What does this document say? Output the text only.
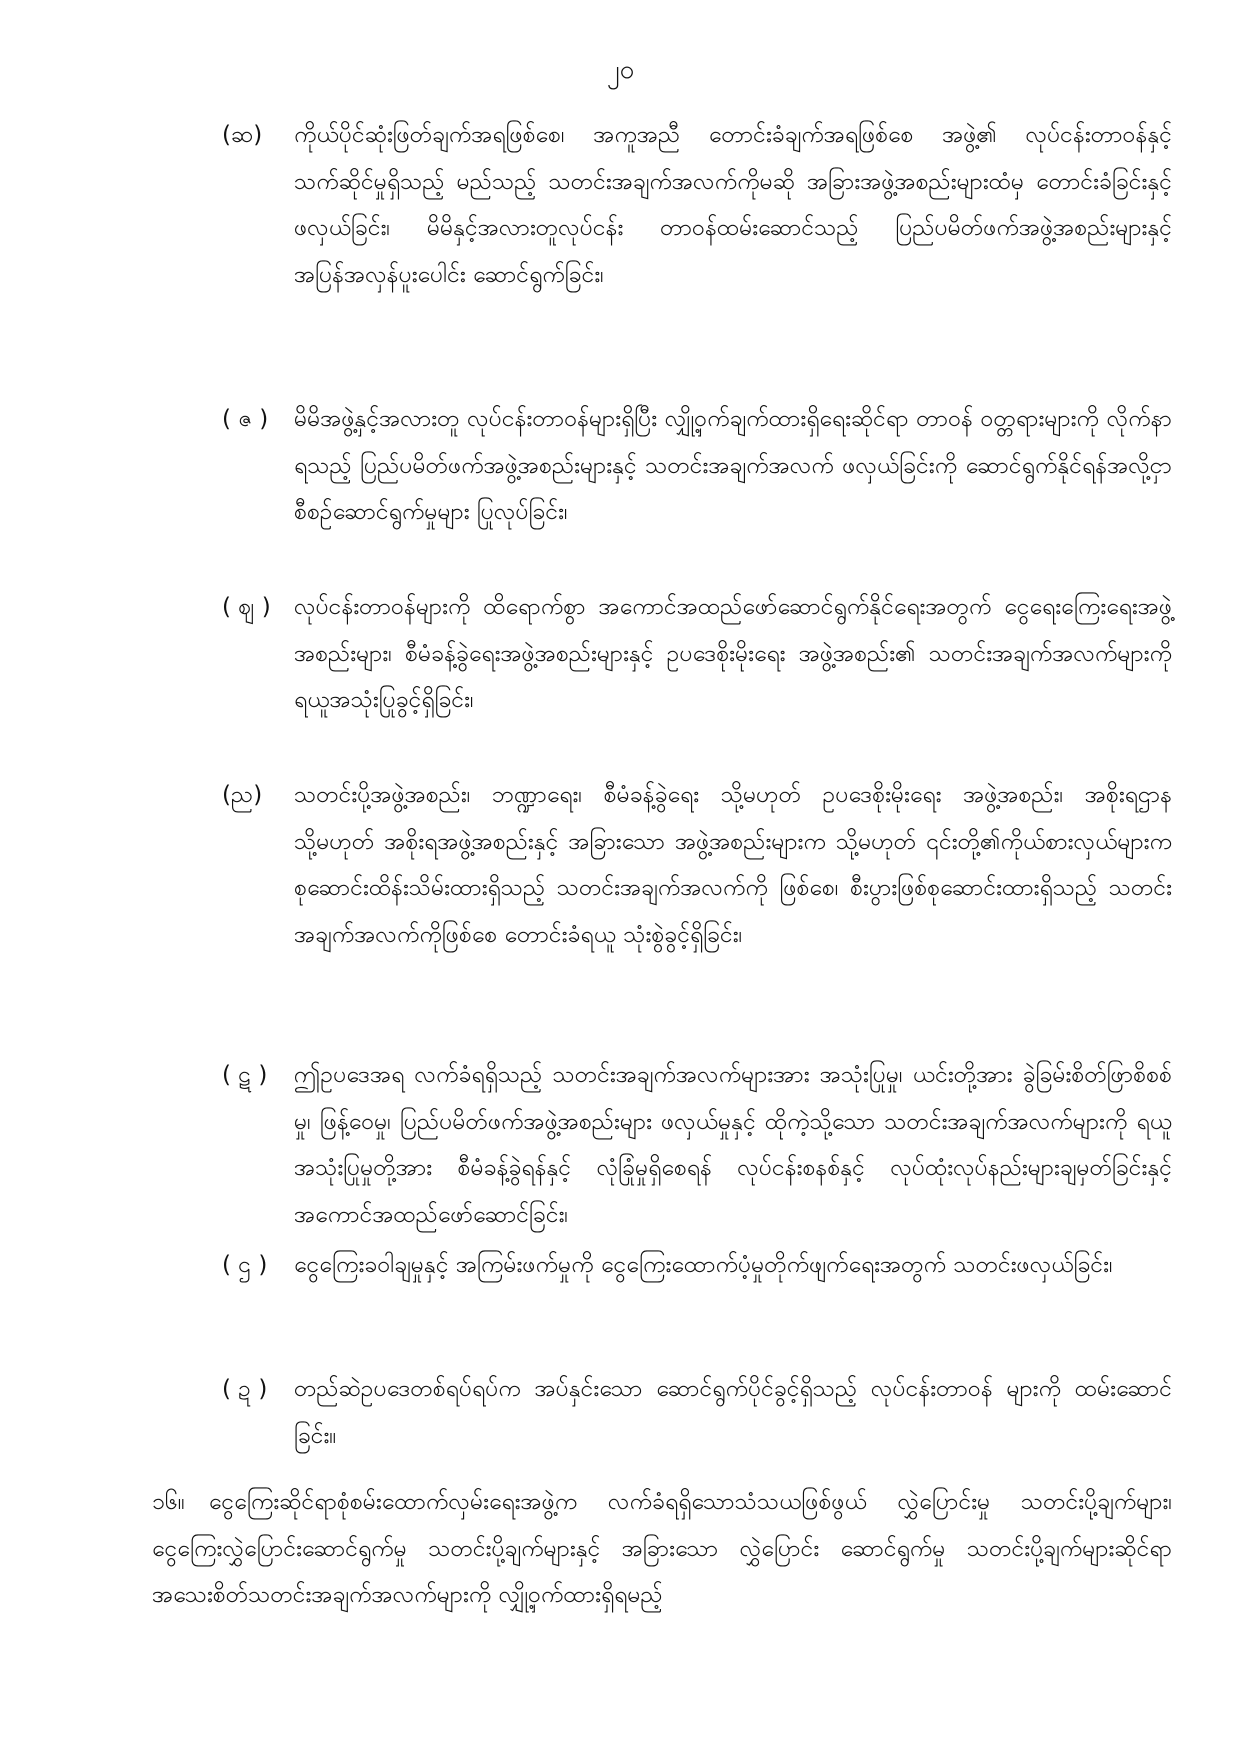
၂၀
(ဆ)	ကိုယ်ပိုင်ဆုံးဖြတ်ချက်အရဖြစ်စေ၊ အကူအညီ တောင်းခံချက်အရဖြစ်စေ အဖွဲ့၏ လုပ်ငန်းတာဝန်နှင့် သက်ဆိုင်မှုရှိသည့် မည်သည့် သတင်းအချက်အလက်ကိုမဆို အခြားအဖွဲ့အစည်းများထံမှ တောင်းခံခြင်းနှင့်ဖလှယ်ခြင်း၊ မိမိနှင့်အလားတူလုပ်ငန်း တာဝန်ထမ်းဆောင်သည့် ပြည်ပမိတ်ဖက်အဖွဲ့အစည်းများနှင့် အပြန်အလှန်ပူးပေါင်း ဆောင်ရွက်ခြင်း၊
( ဇ )	မိမိအဖွဲ့နှင့်အလားတူ လုပ်ငန်းတာဝန်များရှိပြီး လျှို့ဝှက်ချက်ထားရှိရေးဆိုင်ရာ တာဝန် ဝတ္တရားများကို လိုက်နာရသည့် ပြည်ပမိတ်ဖက်အဖွဲ့အစည်းများနှင့် သတင်းအချက်အလက် ဖလှယ်ခြင်းကို ဆောင်ရွက်နိုင်ရန်အလို့ငှာ စီစဉ်ဆောင်ရွက်မှုများ ပြုလုပ်ခြင်း၊
( ဈ )	လုပ်ငန်းတာဝန်များကို ထိရောက်စွာ အကောင်အထည်ဖော်ဆောင်ရွက်နိုင်ရေးအတွက် ငွေရေးကြေးရေးအဖွဲ့အစည်းများ၊ စီမံခန့်ခွဲရေးအဖွဲ့အစည်းများနှင့် ဥပဒေစိုးမိုးရေး အဖွဲ့အစည်း၏ သတင်းအချက်အလက်များကို ရယူအသုံးပြုခွင့်ရှိခြင်း၊
(ည)	သတင်းပို့အဖွဲ့အစည်း၊ ဘဏ္ဍာရေး၊ စီမံခန့်ခွဲရေး သို့မဟုတ် ဥပဒေစိုးမိုးရေး အဖွဲ့အစည်း၊ အစိုးရဌာန သို့မဟုတ် အစိုးရအဖွဲ့အစည်းနှင့် အခြားသော အဖွဲ့အစည်းများက သို့မဟုတ် ၎င်းတို့၏ကိုယ်စားလှယ်များက စုဆောင်းထိန်းသိမ်းထားရှိသည့် သတင်းအချက်အလက်ကို ဖြစ်စေ၊ စီးပွားဖြစ်စုဆောင်းထားရှိသည့် သတင်းအချက်အလက်ကိုဖြစ်စေ တောင်းခံရယူ သုံးစွဲခွင့်ရှိခြင်း၊
( ဋ )	ဤဥပဒေအရ လက်ခံရရှိသည့် သတင်းအချက်အလက်များအား အသုံးပြုမှု၊ ယင်းတို့အား ခွဲခြမ်းစိတ်ဖြာစိစစ်မှု၊ ဖြန့်ဝေမှု၊ ပြည်ပမိတ်ဖက်အဖွဲ့အစည်းများ ဖလှယ်မှုနှင့် ထိုကဲ့သို့သော သတင်းအချက်အလက်များကို ရယူအသုံးပြုမှုတို့အား စီမံခန့်ခွဲရန်နှင့် လုံခြုံမှုရှိစေရန် လုပ်ငန်းစနစ်နှင့် လုပ်ထုံးလုပ်နည်းများချမှတ်ခြင်းနှင့် အကောင်အထည်ဖော်ဆောင်ခြင်း၊
( ဌ )	ငွေကြေးခဝါချမှုနှင့် အကြမ်းဖက်မှုကို ငွေကြေးထောက်ပံ့မှုတိုက်ဖျက်ရေးအတွက် သတင်းဖလှယ်ခြင်း၊
( ဍ )	တည်ဆဲဥပဒေတစ်ရပ်ရပ်က အပ်နှင်းသော ဆောင်ရွက်ပိုင်ခွင့်ရှိသည့် လုပ်ငန်းတာဝန် များကို ထမ်းဆောင်ခြင်း။
၁၆။ ငွေကြေးဆိုင်ရာစုံစမ်းထောက်လှမ်းရေးအဖွဲ့က လက်ခံရရှိသောသံသယဖြစ်ဖွယ် လွှဲပြောင်းမှု သတင်းပို့ချက်များ၊ ငွေကြေးလွှဲပြောင်းဆောင်ရွက်မှု သတင်းပို့ချက်များနှင့် အခြားသော လွှဲပြောင်း ဆောင်ရွက်မှု သတင်းပို့ချက်များဆိုင်ရာ အသေးစိတ်သတင်းအချက်အလက်များကို လျှို့ဝှက်ထားရှိရမည့်
